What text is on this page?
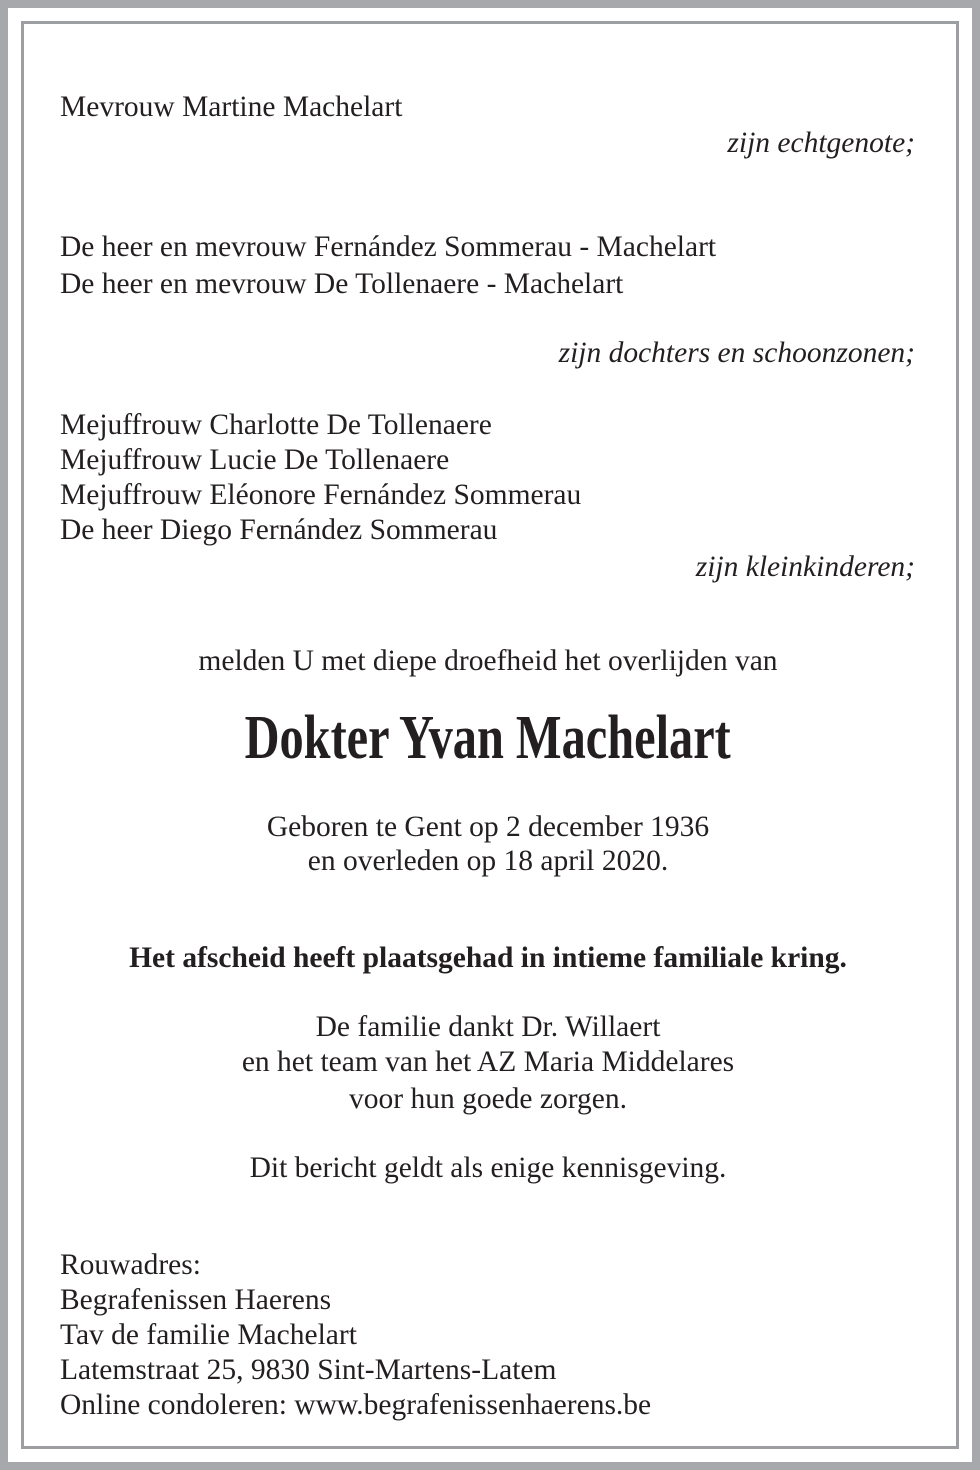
Mevrouw Martine Machelart
zijn echtgenote;
De heer en mevrouw Fernández Sommerau - Machelart
De heer en mevrouw De Tollenaere - Machelart
zijn dochters en schoonzonen;
Mejuffrouw Charlotte De Tollenaere
Mejuffrouw Lucie De Tollenaere
Mejuffrouw Eléonore Fernández Sommerau
De heer Diego Fernández Sommerau
zijn kleinkinderen;
melden U met diepe droefheid het overlijden van
Dokter Yvan Machelart
Geboren te Gent op 2 december 1936
en overleden op 18 april 2020.
Het afscheid heeft plaatsgehad in intieme familiale kring.
De familie dankt Dr. Willaert
en het team van het AZ Maria Middelares
voor hun goede zorgen.
Dit bericht geldt als enige kennisgeving.
Rouwadres:
Begrafenissen Haerens
Tav de familie Machelart
Latemstraat 25, 9830 Sint-Martens-Latem
Online condoleren: www.begrafenissenhaerens.be
